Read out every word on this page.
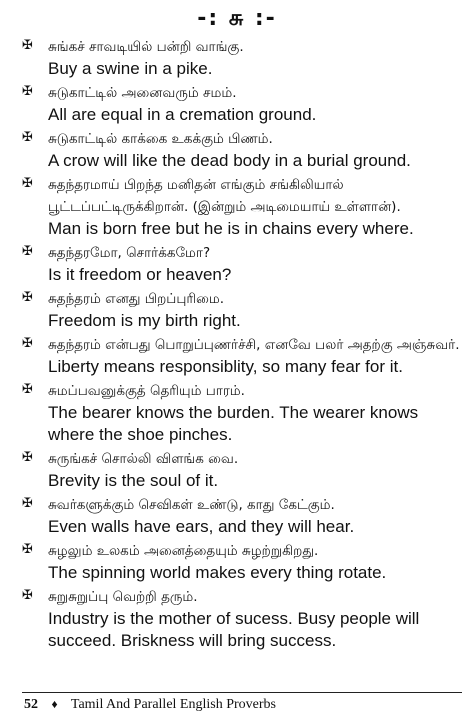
-: சு :-
✠ சுங்கச் சாவடியில் பன்றி வாங்கு.
Buy a swine in a pike.
✠ சுடுகாட்டில் அனைவரும் சமம்.
All are equal in a cremation ground.
✠ சுடுகாட்டில் காக்கை உகக்கும் பிணம்.
A crow will like the dead body in a burial ground.
✠ சுதந்தரமாய் பிறந்த மனிதன் எங்கும் சங்கிலியால் பூட்டப்பட்டிருக்கிறான். (இன்றும் அடிமையாய் உள்ளான்).
Man is born free but he is in chains every where.
✠ சுதந்தரமோ, சொர்க்கமோ?
Is it freedom or heaven?
✠ சுதந்தரம் எனது பிறப்புரிமை.
Freedom is my birth right.
✠ சுதந்தரம் என்பது பொறுப்புணர்ச்சி, எனவே பலர் அதற்கு அஞ்சுவர்.
Liberty means responsiblity, so many fear for it.
✠ சுமப்பவனுக்குத் தெரியும் பாரம்.
The bearer knows the burden. The wearer knows where the shoe pinches.
✠ சுருங்கச் சொல்லி விளங்க வை.
Brevity is the soul of it.
✠ சுவர்களுக்கும் செவிகள் உண்டு, காது கேட்கும்.
Even walls have ears, and they will hear.
✠ சுழலும் உலகம் அனைத்தையும் சுழற்றுகிறது.
The spinning world makes every thing rotate.
✠ சுறுசுறுப்பு வெற்றி தரும்.
Industry is the mother of sucess. Busy people will succeed. Briskness will bring success.
52 ♦ Tamil And Parallel English Proverbs
